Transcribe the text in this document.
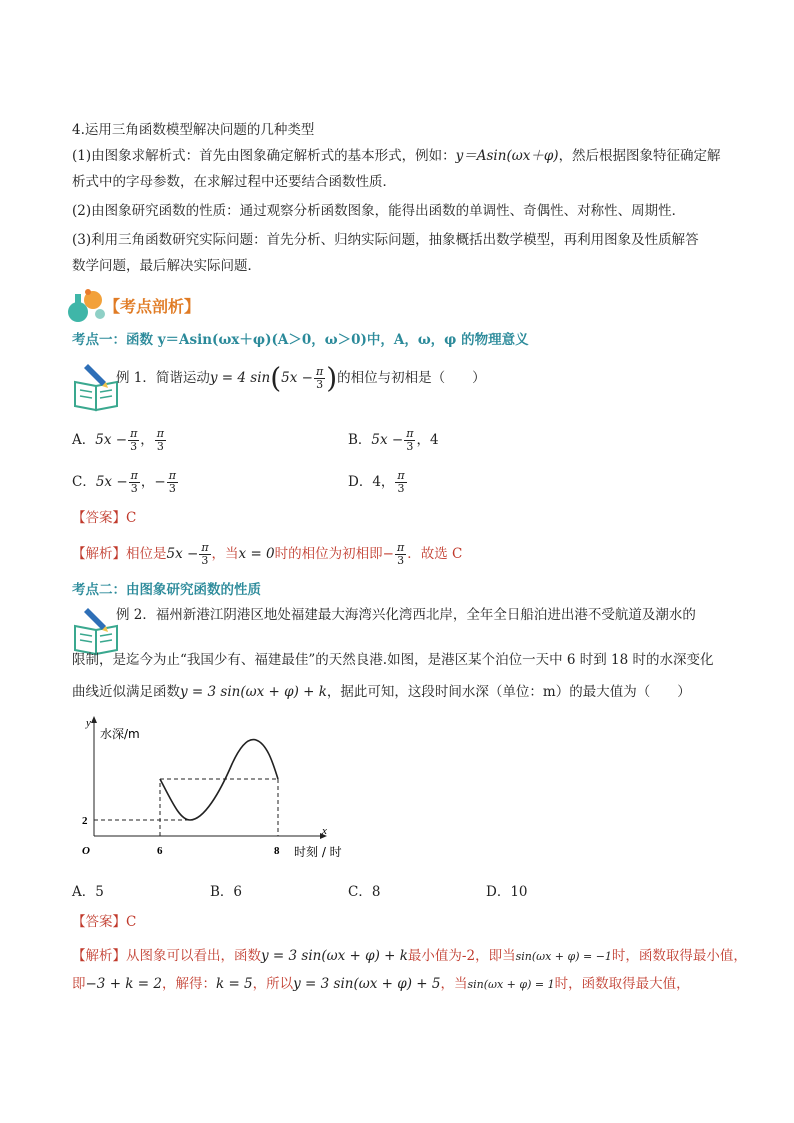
4.运用三角函数模型解决问题的几种类型
(1)由图象求解析式：首先由图象确定解析式的基本形式，例如：y＝Asin(ωx＋φ)，然后根据图象特征确定解
析式中的字母参数，在求解过程中还要结合函数性质．
(2)由图象研究函数的性质：通过观察分析函数图象，能得出函数的单调性、奇偶性、对称性、周期性．
(3)利用三角函数研究实际问题：首先分析、归纳实际问题，抽象概括出数学模型，再利用图象及性质解答
数学问题，最后解决实际问题．
【考点剖析】
考点一：函数 y＝Asin(ωx＋φ)(A＞0，ω＞0)中，A，ω，φ 的物理意义
例 1．简谐运动y = 4 $\sin(5x - \frac{\pi}{3}$ )的相位与初相是（　　）
A．$5x - \frac{\pi}{3}$ ， $\frac{\pi}{3}$	B．$5x - \frac{\pi}{3}$ ，4
C．$5x - \frac{\pi}{3}$ ，− $\frac{\pi}{3}$	D．4， $\frac{\pi}{3}$
【答案】C
【解析】相位是$5x - \frac{\pi}{3}$ ，当x = 0时的相位为初相即− $\frac{\pi}{3}$ ．故选 C
考点二：由图象研究函数的性质
例 2．福州新港江阴港区地处福建最大海湾兴化湾西北岸，全年全日船泊进出港不受航道及潮水的
限制，是迄今为止“我国少有、福建最佳”的天然良港.如图，是港区某个泊位一天中 6 时到 18 时的水深变化
曲线近似满足函数y = 3 sin(ωx + φ) + k，据此可知，这段时间水深（单位：m）的最大值为（　　）
y
水深/m
x
时刻 / 时
O
2
6	8
A．5	B．6	C．8	D．10
【答案】C
【解析】从图象可以看出，函数y = 3 sin(ωx + φ) + k最小值为-2，即当sin(ωx + φ) = −1时，函数取得最小值，
即−3 + k = 2，解得：k = 5，所以y = 3 sin(ωx + φ) + 5，当sin(ωx + φ) = 1时，函数取得最大值，
